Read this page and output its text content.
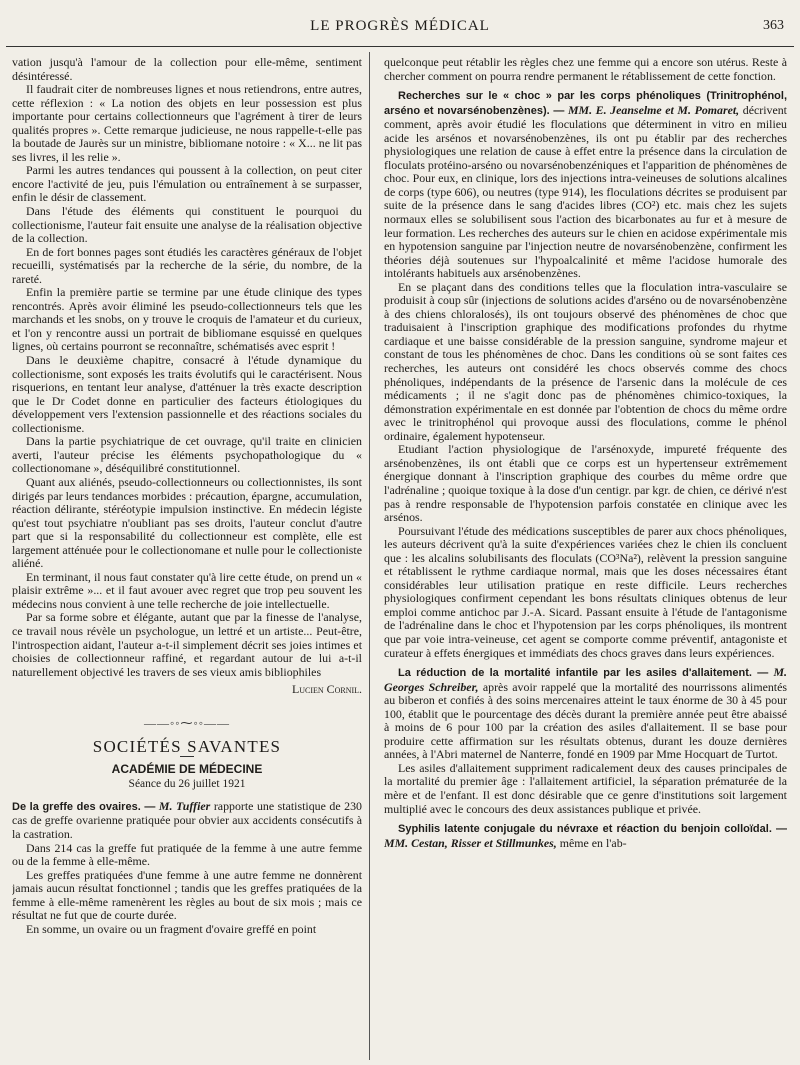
LE PROGRÈS MÉDICAL	363

vation jusqu'à l'amour de la collection pour elle-même, sentiment désintéressé.

Il faudrait citer de nombreuses lignes et nous retiendrons, entre autres, cette réflexion : « La notion des objets en leur possession est plus importante pour certains collectionneurs que l'agrément à tirer de leurs qualités propres ». Cette remarque judicieuse, ne nous rappelle-t-elle pas la boutade de Jaurès sur un ministre, bibliomane notoire : « X... ne lit pas ses livres, il les relie ».

Parmi les autres tendances qui poussent à la collection, on peut citer encore l'activité de jeu, puis l'émulation ou entraînement à se surpasser, enfin le désir de classement.

Dans l'étude des éléments qui constituent le pourquoi du collectionisme, l'auteur fait ensuite une analyse de la réalisation objective de la collection.

En de fort bonnes pages sont étudiés les caractères généraux de l'objet recueilli, systématisés par la recherche de la série, du nombre, de la rareté.

Enfin la première partie se termine par une étude clinique des types rencontrés. Après avoir éliminé les pseudo-collectionneurs tels que les marchands et les snobs, on y trouve le croquis de l'amateur et du curieux, et l'on y rencontre aussi un portrait de bibliomane esquissé en quelques lignes, où certains pourront se reconnaître, schématisés avec esprit !

Dans le deuxième chapitre, consacré à l'étude dynamique du collectionisme, sont exposés les traits évolutifs qui le caractérisent. Nous risquerions, en tentant leur analyse, d'atténuer la très exacte description que le Dr Codet donne en particulier des facteurs étiologiques du développement vers l'extension passionnelle et des réactions sociales du collectionisme.

Dans la partie psychiatrique de cet ouvrage, qu'il traite en clinicien averti, l'auteur précise les éléments psychopathologique du « collectionomane », déséquilibré constitutionnel.

Quant aux aliénés, pseudo-collectionneurs ou collectionnistes, ils sont dirigés par leurs tendances morbides : précaution, épargne, accumulation, réaction délirante, stéréotypie impulsion instinctive. En médecin légiste qu'est tout psychiatre n'oubliant pas ses droits, l'auteur conclut d'autre part que si la responsabilité du collectionneur est complète, elle est largement atténuée pour le collectionomane et nulle pour le collectioniste aliéné.

En terminant, il nous faut constater qu'à lire cette étude, on prend un « plaisir extrême »... et il faut avouer avec regret que trop peu souvent les médecins nous convient à une telle recherche de joie intellectuelle.

Par sa forme sobre et élégante, autant que par la finesse de l'analyse, ce travail nous révèle un psychologue, un lettré et un artiste... Peut-être, l'introspection aidant, l'auteur a-t-il simplement décrit ses joies intimes et choisies de collectionneur raffiné, et regardant autour de lui a-t-il naturellement objectivé les travers de ses vieux amis bibliophiles

Lucien Cornil.
——◦◦⁓◦◦——
SOCIÉTÉS SAVANTES
ACADÉMIE DE MÉDECINE
Séance du 26 juillet 1921

De la greffe des ovaires. — M. Tuffier rapporte une statistique de 230 cas de greffe ovarienne pratiquée pour obvier aux accidents consécutifs à la castration.

Dans 214 cas la greffe fut pratiquée de la femme à une autre femme ou de la femme à elle-même.

Les greffes pratiquées d'une femme à une autre femme ne donnèrent jamais aucun résultat fonctionnel ; tandis que les greffes pratiquées de la femme à elle-même ramenèrent les règles au bout de six mois ; mais ce résultat ne fut que de courte durée.

En somme, un ovaire ou un fragment d'ovaire greffé en point

quelconque peut rétablir les règles chez une femme qui a encore son utérus. Reste à chercher comment on pourra rendre permanent le rétablissement de cette fonction.

Recherches sur le « choc » par les corps phénoliques (Trinitrophénol, arséno et novarsénobenzènes). — MM. E. Jeanselme et M. Pomaret, décrivent comment, après avoir étudié les floculations que déterminent in vitro en milieu acide les arsénos et novarsénobenzènes, ils ont pu établir par des recherches physiologiques une relation de cause à effet entre la présence dans la circulation de floculats protéino-arséno ou novarsénobenzéniques et l'apparition de phénomènes de choc. Pour eux, en clinique, lors des injections intra-veineuses de solutions alcalines de corps (type 606), ou neutres (type 914), les floculations décrites se produisent par suite de la présence dans le sang d'acides libres (CO²) etc. mais chez les sujets normaux elles se solubilisent sous l'action des bicarbonates au fur et à mesure de leur formation. Les recherches des auteurs sur le chien en acidose expérimentale mis en hypotension sanguine par l'injection neutre de novarsénobenzène, confirment les théories déjà soutenues sur l'hypoalcalinité et même l'acidose humorale des intolérants habituels aux arsénobenzènes.

En se plaçant dans des conditions telles que la floculation intra-vasculaire se produisit à coup sûr (injections de solutions acides d'arséno ou de novarsénobenzène à des chiens chloralosés), ils ont toujours observé des phénomènes de choc que traduisaient à l'inscription graphique des modifications profondes du rhytme cardiaque et une baisse considérable de la pression sanguine, syndrome majeur et constant de tous les phénomènes de choc. Dans les conditions où se sont faites ces recherches, les auteurs ont considéré les chocs observés comme des chocs phénoliques, indépendants de la présence de l'arsenic dans la molécule de ces médicaments ; il ne s'agit donc pas de phénomènes chimico-toxiques, la démonstration expérimentale en est donnée par l'obtention de chocs du même ordre avec le trinitrophénol qui provoque aussi des floculations, comme le phénol ordinaire, également hypotenseur.

Etudiant l'action physiologique de l'arsénoxyde, impureté fréquente des arsénobenzènes, ils ont établi que ce corps est un hypertenseur extrêmement énergique donnant à l'inscription graphique des courbes du même ordre que l'adrénaline ; quoique toxique à la dose d'un centigr. par kgr. de chien, ce dérivé n'est pas à rendre responsable de l'hypotension parfois constatée en clinique avec les arsénos.

Poursuivant l'étude des médications susceptibles de parer aux chocs phénoliques, les auteurs décrivent qu'à la suite d'expériences variées chez le chien ils concluent que : les alcalins solubilisants des floculats (CO³Na²), relèvent la pression sanguine et rétablissent le rythme cardiaque normal, mais que les doses nécessaires étant considérables leur utilisation pratique en reste difficile. Leurs recherches physiologiques confirment cependant les bons résultats cliniques obtenus de leur emploi comme antichoc par J.-A. Sicard. Passant ensuite à l'étude de l'antagonisme de l'adrénaline dans le choc et l'hypotension par les corps phénoliques, ils montrent que par voie intra-veineuse, cet agent se comporte comme préventif, antagoniste et curateur à effets énergiques et immédiats des chocs graves dans leurs expériences.

La réduction de la mortalité infantile par les asiles d'allaitement. — M. Georges Schreiber, après avoir rappelé que la mortalité des nourrissons alimentés au biberon et confiés à des soins mercenaires atteint le taux énorme de 30 à 45 pour 100, établit que le pourcentage des décès durant la première année peut être abaissé à moins de 6 pour 100 par la création des asiles d'allaitement. Il se base pour produire cette affirmation sur les résultats obtenus, durant les douze dernières années, à l'Abri maternel de Nanterre, fondé en 1909 par Mme Hocquart de Turtot.

Les asiles d'allaitement suppriment radicalement deux des causes principales de la mortalité du premier âge : l'allaitement artificiel, la séparation prématurée de la mère et de l'enfant. Il est donc désirable que ce genre d'institutions soit largement multiplié avec le concours des deux assistances publique et privée.

Syphilis latente conjugale du névraxe et réaction du benjoin colloïdal. — MM. Cestan, Risser et Stillmunkes, même en l'ab-
